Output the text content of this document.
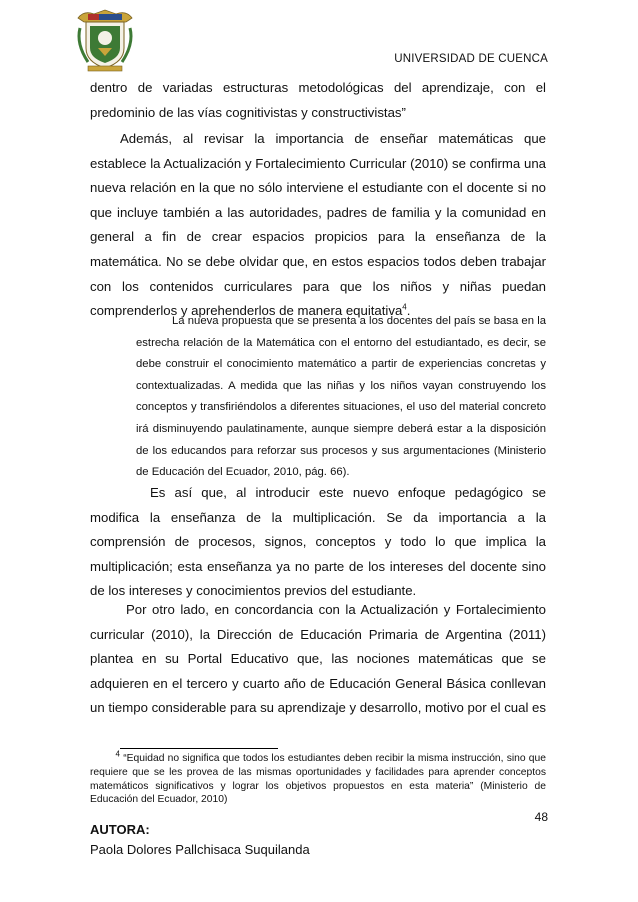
UNIVERSIDAD DE CUENCA

dentro de variadas estructuras metodológicas del aprendizaje, con el predominio de las vías cognitivistas y constructivistas”

Además, al revisar la importancia de enseñar matemáticas que establece la Actualización y Fortalecimiento Curricular (2010) se confirma una nueva relación en la que no sólo interviene el estudiante con el docente si no que incluye también a las autoridades, padres de familia y la comunidad en general a fin de crear espacios propicios para la enseñanza de la matemática. No se debe olvidar que, en estos espacios todos deben trabajar con los contenidos curriculares para que los niños y niñas puedan comprenderlos y aprehenderlos de manera equitativa$^4$.

La nueva propuesta que se presenta a los docentes del país se basa en la estrecha relación de la Matemática con el entorno del estudiantado, es decir, se debe construir el conocimiento matemático a partir de experiencias concretas y contextualizadas. A medida que las niñas y los niños vayan construyendo los conceptos y transfiriéndolos a diferentes situaciones, el uso del material concreto irá disminuyendo paulatinamente, aunque siempre deberá estar a la disposición de los educandos para reforzar sus procesos y sus argumentaciones (Ministerio de Educación del Ecuador, 2010, pág. 66).

Es así que, al introducir este nuevo enfoque pedagógico se modifica la enseñanza de la multiplicación. Se da importancia a la comprensión de procesos, signos, conceptos y todo lo que implica la multiplicación; esta enseñanza ya no parte de los intereses del docente sino de los intereses y conocimientos previos del estudiante.

Por otro lado, en concordancia con la Actualización y Fortalecimiento curricular (2010), la Dirección de Educación Primaria de Argentina (2011) plantea en su Portal Educativo que, las nociones matemáticas que se adquieren en el tercero y cuarto año de Educación General Básica conllevan un tiempo considerable para su aprendizaje y desarrollo, motivo por el cual es

$^4$ “Equidad no significa que todos los estudiantes deben recibir la misma instrucción, sino que requiere que se les provea de las mismas oportunidades y facilidades para aprender conceptos matemáticos significativos y lograr los objetivos propuestos en esta materia” (Ministerio de Educación del Ecuador, 2010)

48
AUTORA:
Paola Dolores Pallchisaca Suquilanda
